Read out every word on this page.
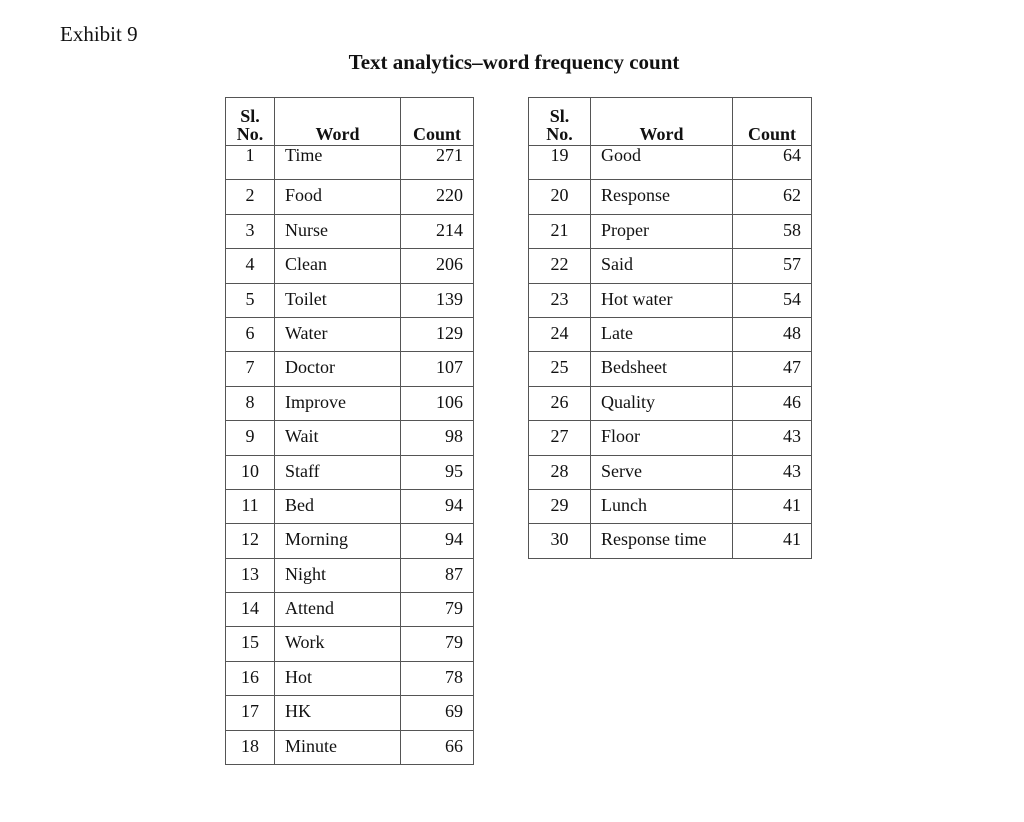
Exhibit 9
Text analytics–word frequency count
Sl.
No.	Word	Count
1	Time	271
2	Food	220
3	Nurse	214
4	Clean	206
5	Toilet	139
6	Water	129
7	Doctor	107
8	Improve	106
9	Wait	98
10	Staff	95
11	Bed	94
12	Morning	94
13	Night	87
14	Attend	79
15	Work	79
16	Hot	78
17	HK	69
18	Minute	66
Sl.
No.	Word	Count
19	Good	64
20	Response	62
21	Proper	58
22	Said	57
23	Hot water	54
24	Late	48
25	Bedsheet	47
26	Quality	46
27	Floor	43
28	Serve	43
29	Lunch	41
30	Response time	41
